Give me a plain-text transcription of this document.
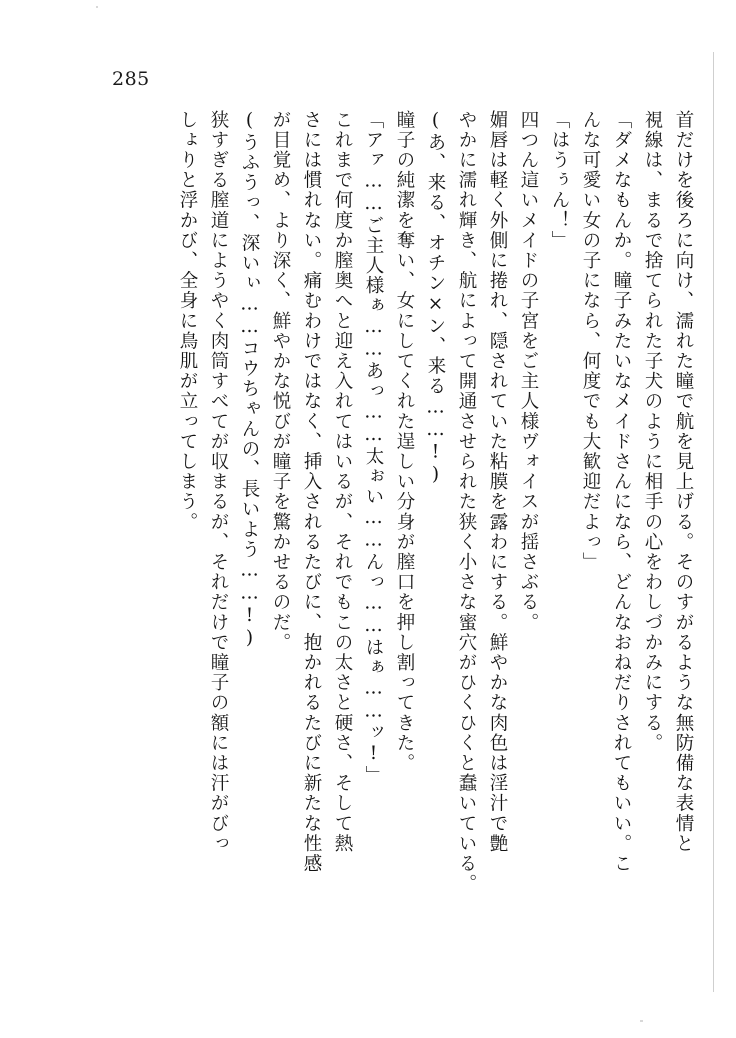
285
首だけを後ろに向け、濡れた瞳で航を見上げる。そのすがるような無防備な表情と
視線は、まるで捨てられた子犬のように相手の心をわしづかみにする。
「ダメなもんか。瞳子みたいなメイドさんになら、どんなおねだりされてもいい。こ
んな可愛い女の子になら、何度でも大歓迎だよっ」
「はうぅん！」
四つん這いメイドの子宮をご主人様ヴォイスが揺さぶる。
媚唇は軽く外側に捲れ、隠されていた粘膜を露わにする。鮮やかな肉色は淫汁で艶
やかに濡れ輝き、航によって開通させられた狭く小さな蜜穴がひくひくと蠢いている。
(あ、来る、オチン×ン、来る……!)
瞳子の純潔を奪い、女にしてくれた逞しい分身が膣口を押し割ってきた。
「アァ……ご主人様ぁ……あっ……太ぉい……んっ……はぁ……ッ!」
これまで何度か膣奥へと迎え入れてはいるが、それでもこの太さと硬さ、そして熱
さには慣れない。痛むわけではなく、挿入されるたびに、抱かれるたびに新たな性感
が目覚め、より深く、鮮やかな悦びが瞳子を驚かせるのだ。
(うふうっ、深いぃ……コウちゃんの、長いよう……!)
狭すぎる膣道にようやく肉筒すべてが収まるが、それだけで瞳子の額には汗がびっ
しょりと浮かび、全身に鳥肌が立ってしまう。
